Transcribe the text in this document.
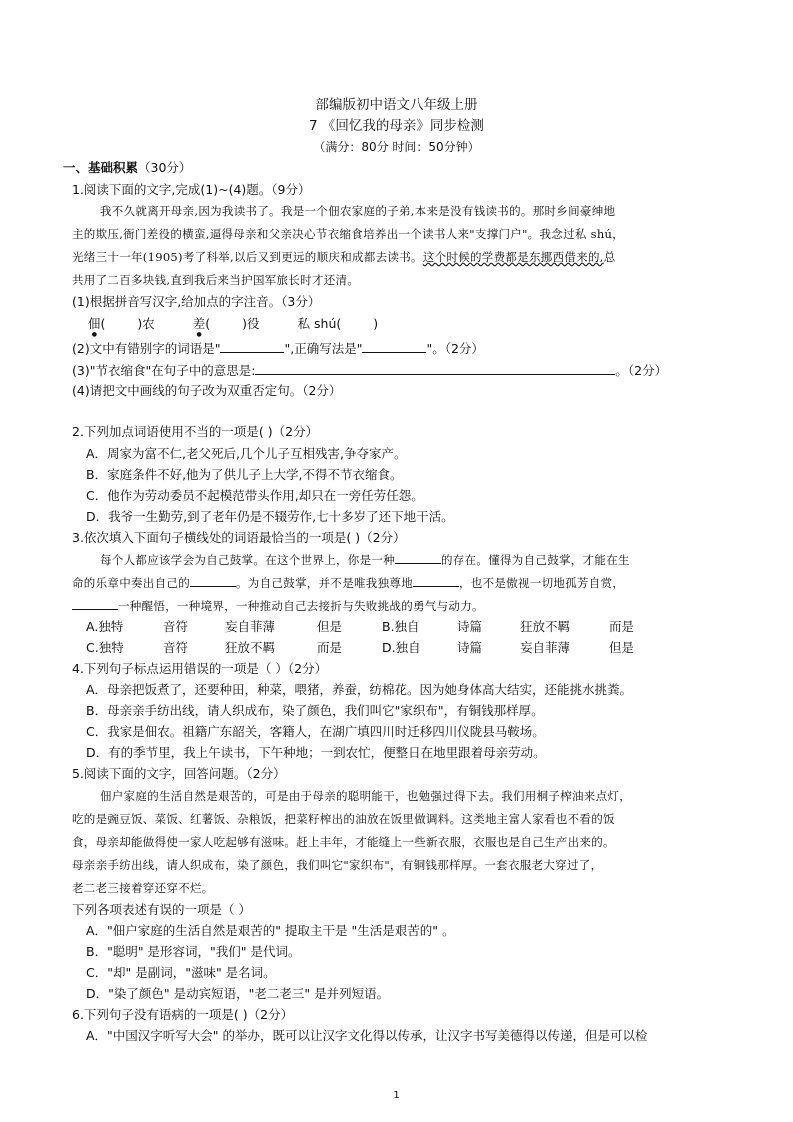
部编版初中语文八年级上册
7 《回忆我的母亲》同步检测
（满分：80分 时间：50分钟）
一、基础积累（30分）
1.阅读下面的文字,完成(1)~(4)题。（9分）
我不久就离开母亲,因为我读书了。我是一个佃农家庭的子弟,本来是没有钱读书的。那时乡间豪绅地
主的欺压,衙门差役的横蛮,逼得母亲和父亲决心节衣缩食培养出一个读书人来"支撑门户"。我念过私 shú，
光绪三十一年(1905)考了科举,以后又到更远的顺庆和成都去读书。这个时候的学费都是东挪西借来的,总
共用了二百多块钱,直到我后来当护国军旅长时才还清。
(1)根据拼音写汉字,给加点的字注音。（3分）
佃(	)农	差(	)役	私 shú(	)
(2)文中有错别字的词语是"	",正确写法是"	"。（2分）
(3)"节衣缩食"在句子中的意思是:	。（2分）
(4)请把文中画线的句子改为双重否定句。（2分）
2.下列加点词语使用不当的一项是( )（2分）
A．周家为富不仁,老父死后,几个儿子互相残害,争夺家产。
B．家庭条件不好,他为了供儿子上大学,不得不节衣缩食。
C．他作为劳动委员不起模范带头作用,却只在一旁任劳任怨。
D．我爷一生勤劳,到了老年仍是不辍劳作,七十多岁了还下地干活。
3.依次填入下面句子横线处的词语最恰当的一项是( )（2分）
每个人都应该学会为自己鼓掌。在这个世界上，你是一种	的存在。懂得为自己鼓掌，才能在生
命的乐章中奏出自己的	。为自己鼓掌，并不是唯我独尊地	，也不是傲视一切地孤芳自赏，
一种醒悟，一种境界，一种推动自己去接折与失败挑战的勇气与动力。
A.独特	音符	妄自菲薄	但是	B.独自	诗篇	狂放不羁	而是
C.独特	音符	狂放不羁	而是	D.独自	诗篇	妄自菲薄	但是
4.下列句子标点运用错误的一项是（ ）（2分）
A．母亲把饭煮了，还要种田，种菜，喂猪，养蚕，纺棉花。因为她身体高大结实，还能挑水挑粪。
B．母亲亲手纺出线，请人织成布，染了颜色，我们叫它"家织布"，有铜钱那样厚。
C．我家是佃农。祖籍广东韶关，客籍人，在湖广填四川时迁移四川仪陇县马鞍场。
D．有的季节里，我上午读书，下午种地；一到农忙，便整日在地里跟着母亲劳动。
5.阅读下面的文字，回答问题。（2分）
佃户家庭的生活自然是艰苦的，可是由于母亲的聪明能干，也勉强过得下去。我们用桐子榨油来点灯，
吃的是豌豆饭、菜饭、红薯饭、杂粮饭，把菜籽榨出的油放在饭里做调料。这类地主富人家看也不看的饭
食，母亲却能做得使一家人吃起够有滋味。赶上丰年，才能缝上一些新衣服，衣服也是自己生产出来的。
母亲亲手纺出线，请人织成布，染了颜色，我们叫它"家织布"，有铜钱那样厚。一套衣服老大穿过了，
老二老三接着穿还穿不烂。
下列各项表述有误的一项是（ ）
A．"佃户家庭的生活自然是艰苦的" 提取主干是 "生活是艰苦的" 。
B．"聪明" 是形容词，"我们" 是代词。
C．"却" 是副词，"滋味" 是名词。
D．"染了颜色" 是动宾短语，"老二老三" 是并列短语。
6.下列句子没有语病的一项是( )（2分）
A．"中国汉字听写大会" 的举办，既可以让汉字文化得以传承，让汉字书写美德得以传递，但是可以检
1
